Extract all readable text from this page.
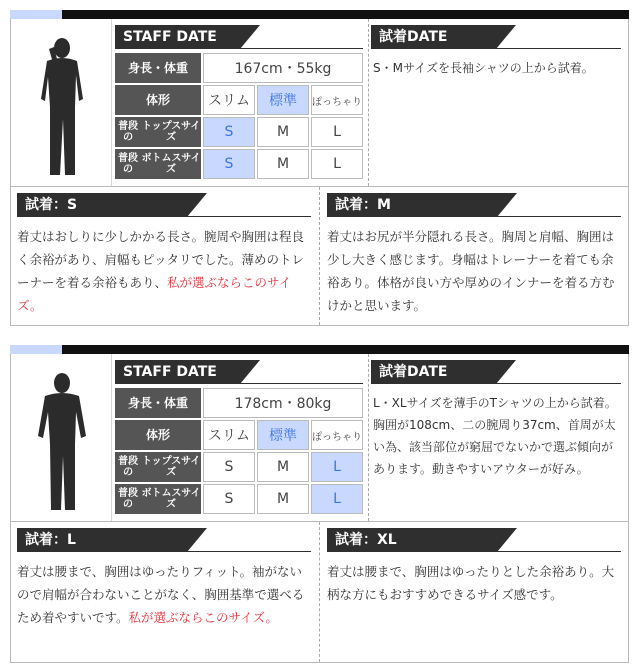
STAFF DATE
身長・体重	167cm・55kg
体形	スリム	標準	ぽっちゃり
普段の

トップスサイズ	S	M	L
普段の

ボトムスサイズ	S	M	L
試着DATE
S・Mサイズを長袖シャツの上から試着。
試着：S
着丈はおしりに少しかかる長さ。腕周や胸囲は程良く余裕があり、肩幅もピッタリでした。薄めのトレーナーを着る余裕もあり、私が選ぶならこのサイズ。
試着：M
着丈はお尻が半分隠れる長さ。胸周と肩幅、胸囲は少し大きく感じます。身幅はトレーナーを着ても余裕あり。体格が良い方や厚めのインナーを着る方むけかと思います。
STAFF DATE
身長・体重	178cm・80kg
体形	スリム	標準	ぽっちゃり
普段の

トップスサイズ	S	M	L
普段の

ボトムスサイズ	S	M	L
試着DATE
L・XLサイズを薄手のTシャツの上から試着。胸囲が108cm、二の腕周り37cm、首周が太い為、該当部位が窮屈でないかで選ぶ傾向があります。動きやすいアウターが好み。
試着：L
着丈は腰まで、胸囲はゆったりフィット。袖がないので肩幅が合わないことがなく、胸囲基準で選べるため着やすいです。私が選ぶならこのサイズ。
試着：XL
着丈は腰まで、胸囲はゆったりとした余裕あり。大柄な方にもおすすめできるサイズ感です。
